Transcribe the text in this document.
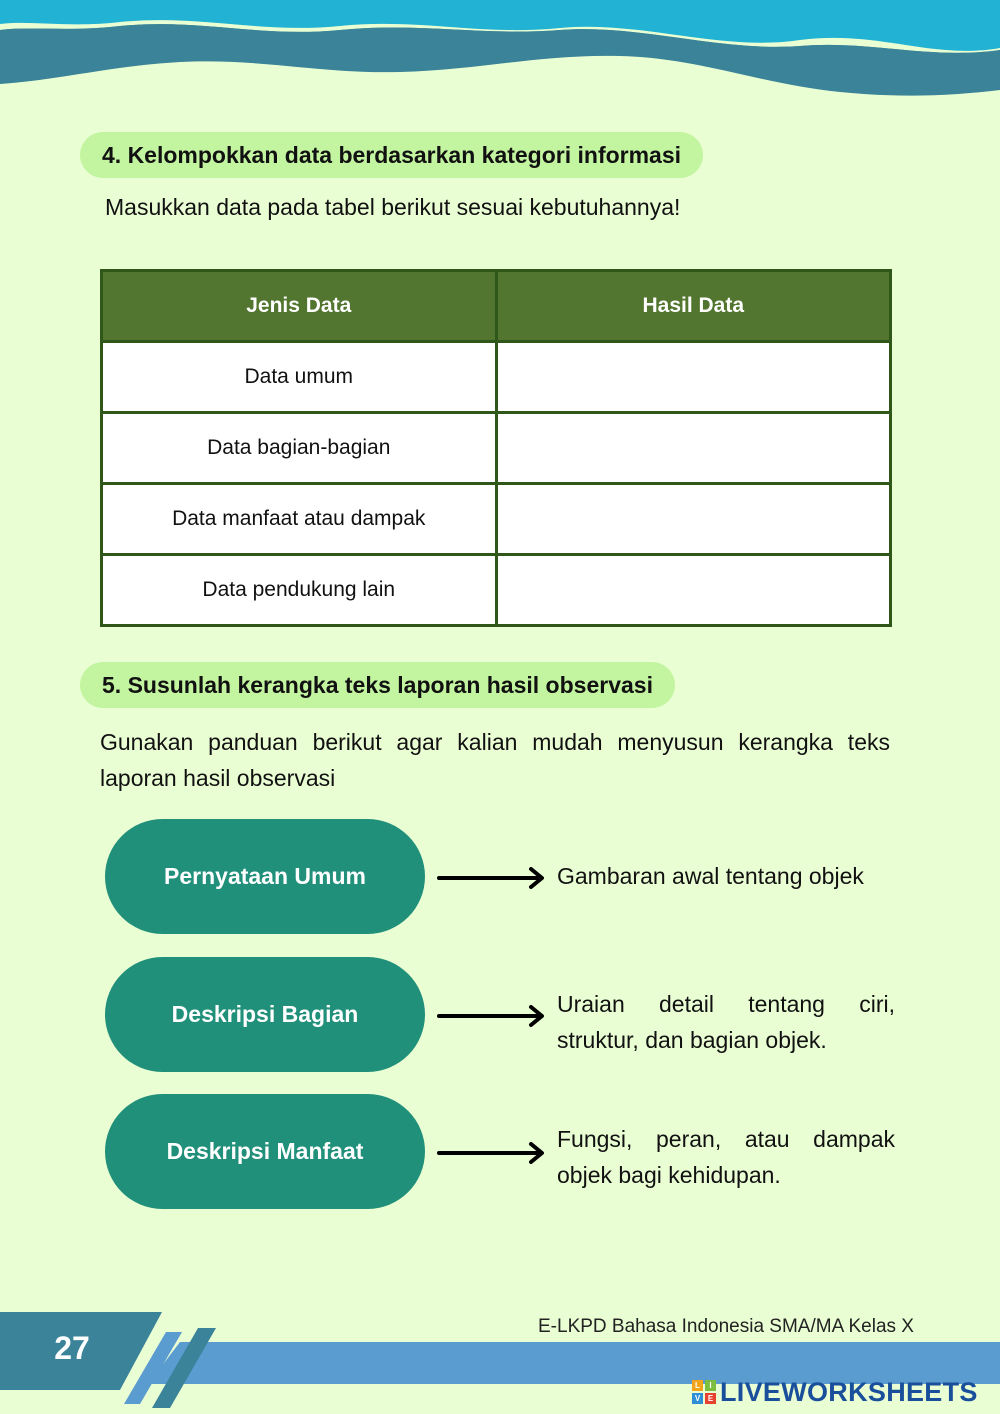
4. Kelompokkan data berdasarkan kategori informasi
Masukkan data pada tabel berikut sesuai kebutuhannya!
Jenis Data	Hasil Data
Data umum	
Data bagian-bagian	
Data manfaat atau dampak	
Data pendukung lain	
5. Susunlah kerangka teks laporan hasil observasi
Gunakan panduan berikut agar kalian mudah menyusun kerangka teks laporan hasil observasi
Pernyataan Umum	Gambaran awal tentang objek
Deskripsi Bagian	Uraian detail tentang ciri, struktur, dan bagian objek.
Deskripsi Manfaat	Fungsi, peran, atau dampak objek bagi kehidupan.
27
E-LKPD Bahasa Indonesia SMA/MA Kelas X
L	I
V E LIVEWORKSHEETS
